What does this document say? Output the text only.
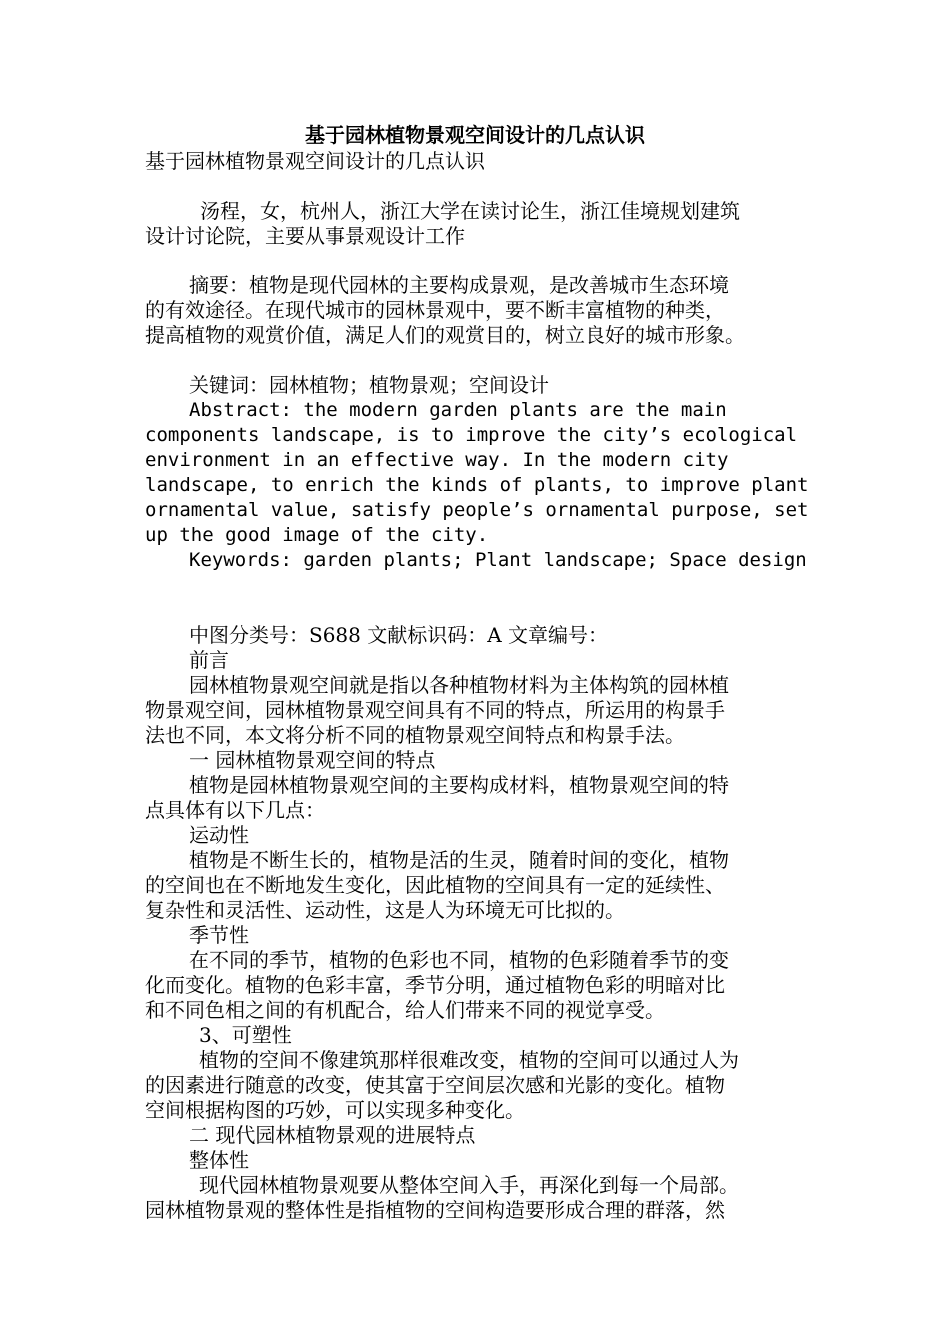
基于园林植物景观空间设计的几点认识
基于园林植物景观空间设计的几点认识
汤程，女，杭州人，浙江大学在读讨论生，浙江佳境规划建筑
设计讨论院，主要从事景观设计工作
摘要：植物是现代园林的主要构成景观，是改善城市生态环境
的有效途径。在现代城市的园林景观中，要不断丰富植物的种类，
提高植物的观赏价值，满足人们的观赏目的，树立良好的城市形象。
关键词：园林植物；植物景观；空间设计
Abstract: the modern garden plants are the main
components landscape, is to improve the city’s ecological
environment in an effective way. In the modern city
landscape, to enrich the kinds of plants, to improve plant
ornamental value, satisfy people’s ornamental purpose, set
up the good image of the city.
Keywords: garden plants; Plant landscape; Space design
中图分类号：S688 文献标识码：A 文章编号：
前言
园林植物景观空间就是指以各种植物材料为主体构筑的园林植
物景观空间，园林植物景观空间具有不同的特点，所运用的构景手
法也不同，本文将分析不同的植物景观空间特点和构景手法。
一 园林植物景观空间的特点
植物是园林植物景观空间的主要构成材料，植物景观空间的特
点具体有以下几点：
运动性
植物是不断生长的，植物是活的生灵，随着时间的变化，植物
的空间也在不断地发生变化，因此植物的空间具有一定的延续性、
复杂性和灵活性、运动性，这是人为环境无可比拟的。
季节性
在不同的季节，植物的色彩也不同，植物的色彩随着季节的变
化而变化。植物的色彩丰富，季节分明，通过植物色彩的明暗对比
和不同色相之间的有机配合，给人们带来不同的视觉享受。
3、可塑性
植物的空间不像建筑那样很难改变，植物的空间可以通过人为
的因素进行随意的改变，使其富于空间层次感和光影的变化。植物
空间根据构图的巧妙，可以实现多种变化。
二 现代园林植物景观的进展特点
整体性
现代园林植物景观要从整体空间入手，再深化到每一个局部。
园林植物景观的整体性是指植物的空间构造要形成合理的群落，然
